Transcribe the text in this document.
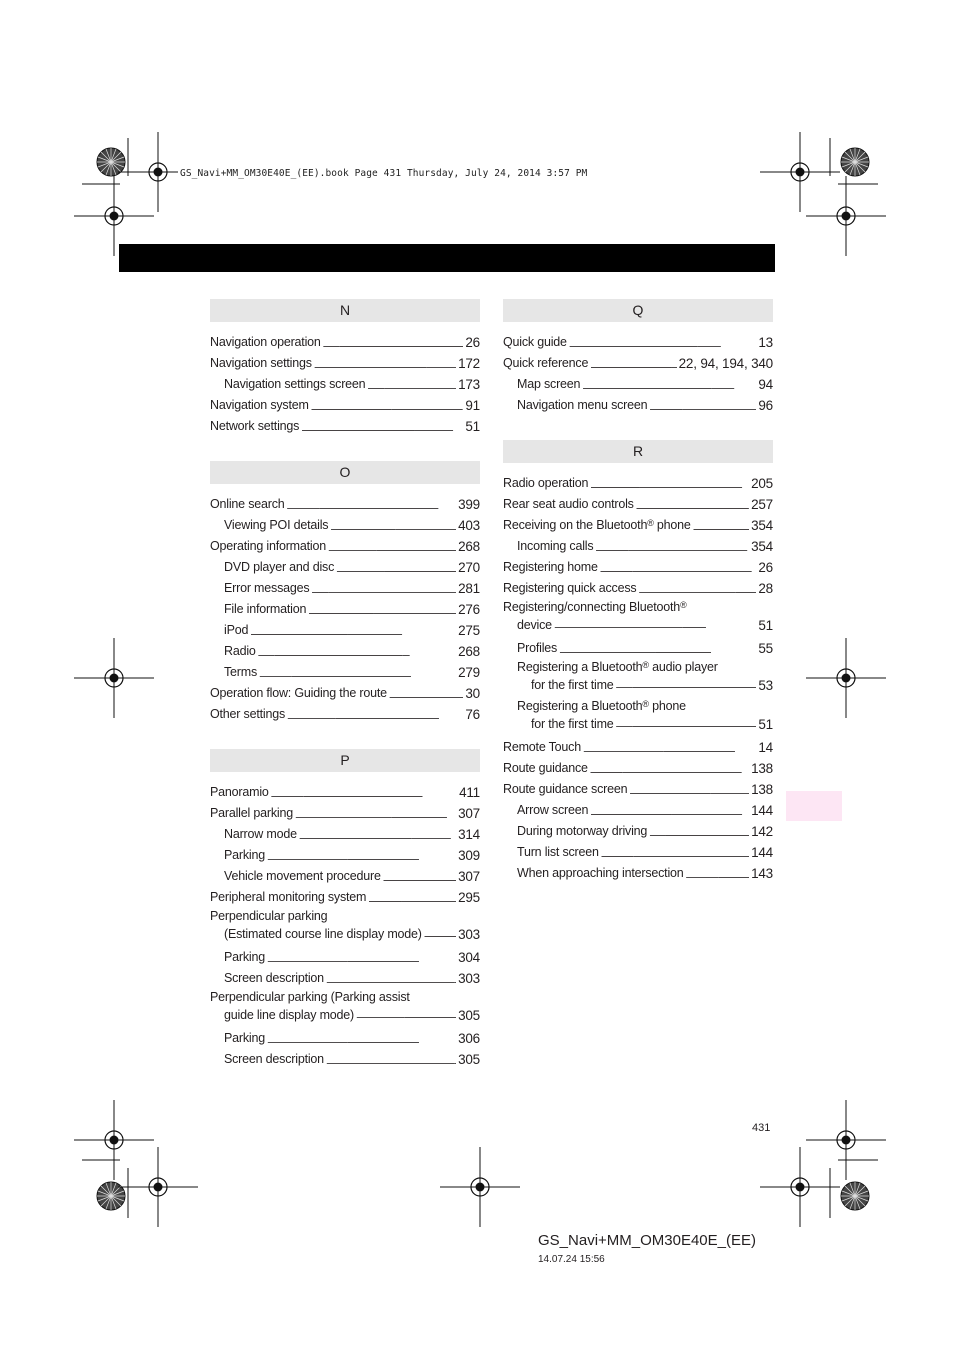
GS_Navi+MM_OM30E40E_(EE).book Page 431 Thursday, July 24, 2014 3:57 PM
N
Navigation operation . . .	26
Navigation settings . . .	172
Navigation settings screen . . .	173
Navigation system . . .	91
Network settings . . .	51
O
Online search . . .	399
Viewing POI details . . .	403
Operating information . . .	268
DVD player and disc . . .	270
Error messages . . .	281
File information . . .	276
iPod . . .	275
Radio . . .	268
Terms . . .	279
Operation flow: Guiding the route . . .	30
Other settings . . .	76
P
Panoramio . . .	411
Parallel parking . . .	307
Narrow mode . . .	314
Parking . . .	309
Vehicle movement procedure . . .	307
Peripheral monitoring system . . .	295
Perpendicular parking
(Estimated course line display mode) . . .	303
Parking . . .	304
Screen description . . .	303
Perpendicular parking (Parking assist
guide line display mode) . . .	305
Parking . . .	306
Screen description . . .	305
Q
Quick guide . . .	13
Quick reference . . .	22, 94, 194, 340
Map screen . . .	94
Navigation menu screen . . .	96
R
Radio operation . . .	205
Rear seat audio controls . . .	257
Receiving on the Bluetooth® phone . . .	354
Incoming calls . . .	354
Registering home . . .	26
Registering quick access . . .	28
Registering/connecting Bluetooth®
device . . .	51
Profiles . . .	55
Registering a Bluetooth® audio player
for the first time . . .	53
Registering a Bluetooth® phone
for the first time . . .	51
Remote Touch . . .	14
Route guidance . . .	138
Route guidance screen . . .	138
Arrow screen . . .	144
During motorway driving . . .	142
Turn list screen . . .	144
When approaching intersection . . .	143
431
GS_Navi+MM_OM30E40E_(EE)
14.07.24 15:56
